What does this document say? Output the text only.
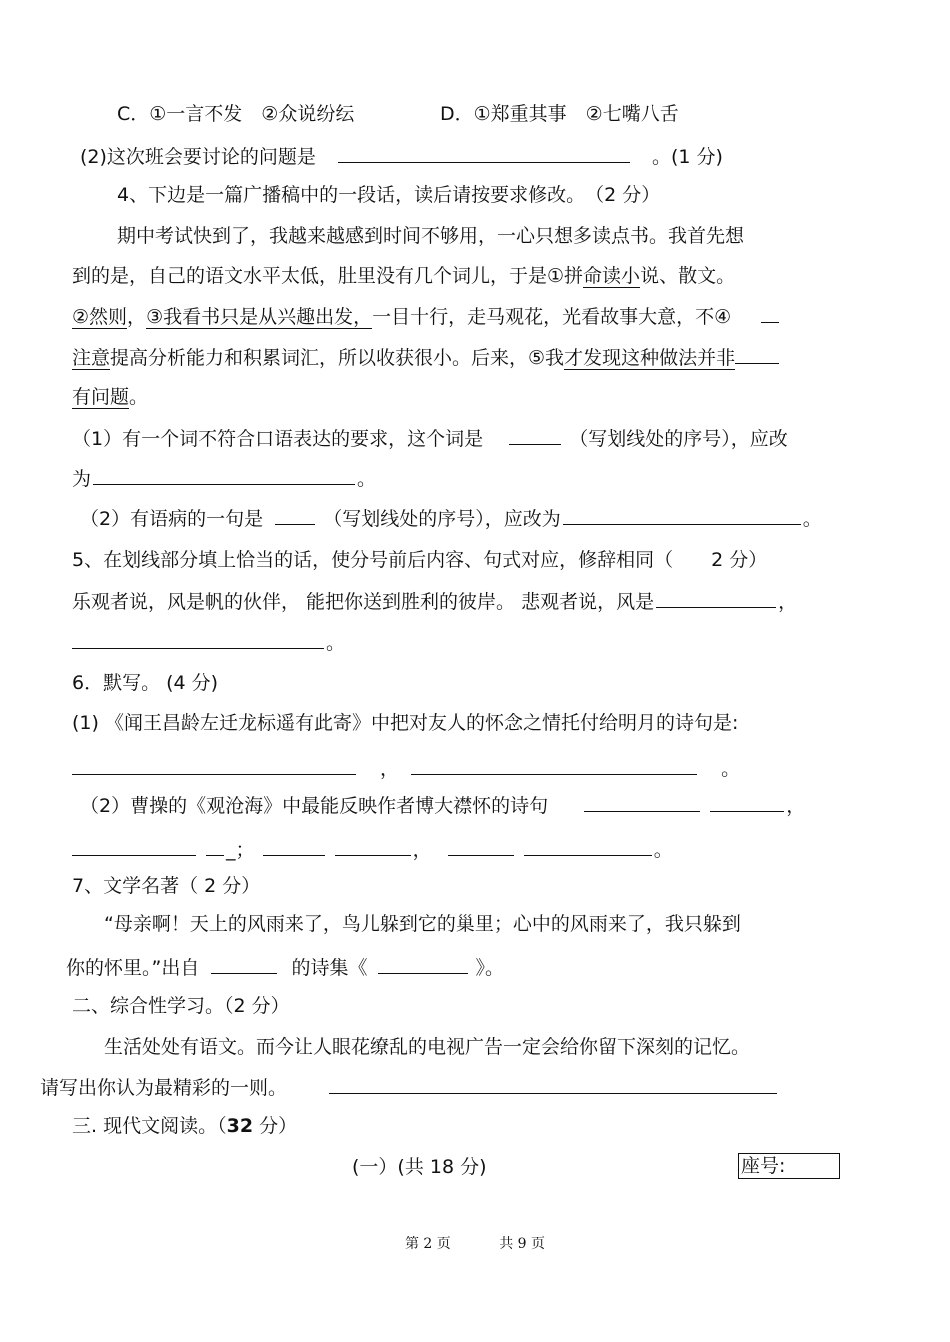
C．①一言不发　②众说纷纭	D．①郑重其事　②七嘴八舌
(2)这次班会要讨论的问题是	。(1 分)
4、下边是一篇广播稿中的一段话，读后请按要求修改。　（2 分）
期中考试快到了，我越来越感到时间不够用，一心只想多读点书。我首先想
到的是，自己的语文水平太低，肚里没有几个词儿，于是①拼命读小说、散文。
②然则，③我看书只是从兴趣出发，一目十行，走马观花，光看故事大意，不④
注意提高分析能力和积累词汇，所以收获很小。后来，⑤我才发现这种做法并非
有问题。
（1）有一个词不符合口语表达的要求，这个词是	（写划线处的序号），应改
为	。
（2）有语病的一句是	（写划线处的序号），应改为	。
5、在划线部分填上恰当的话，使分号前后内容、句式对应，修辞相同（　　2 分）
乐观者说，风是帆的伙伴， 能把你送到胜利的彼岸。 悲观者说，风是	，
。
6．默写。 (4 分)
(1) 《闻王昌龄左迁龙标遥有此寄》中把对友人的怀念之情托付给明月的诗句是:
，	。
（2）曹操的《观沧海》中最能反映作者博大襟怀的诗句	，
_；	，	。
7、文学名著（ 2 分）
“母亲啊！天上的风雨来了，鸟儿躲到它的巢里；心中的风雨来了，我只躲到
你的怀里。”出自	的诗集《	》。
二、综合性学习。（2 分）
生活处处有语文。而今让人眼花缭乱的电视广告一定会给你留下深刻的记忆。
请写出你认为最精彩的一则。
三. 现代文阅读。（32 分）
(一）(共 18 分)	座号:
第 2 页	共 9 页
